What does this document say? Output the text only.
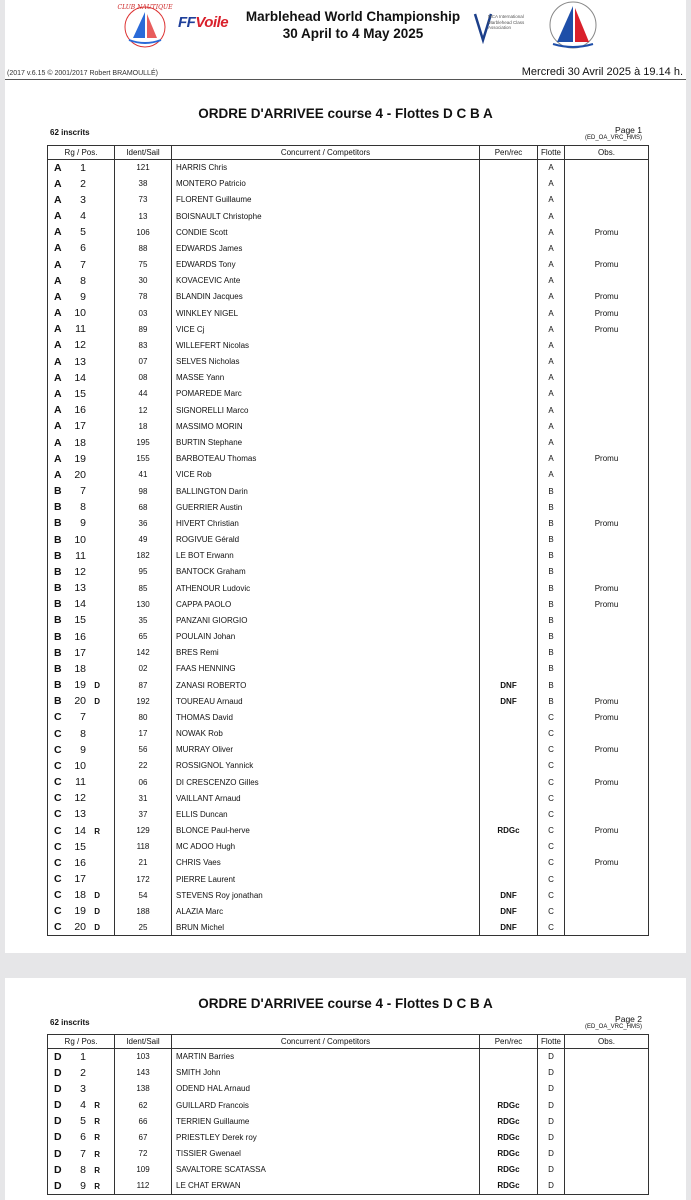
CLUB NAUTIQUE
FFVoile	Marblehead World Championship
30 April to 4 May 2025
MCA International Marblehead Class Association
(2017 v.6.15 © 2001/2017 Robert BRAMOULLÉ)	Mercredi 30 Avril 2025 à 19.14 h.
ORDRE D'ARRIVEE course 4 - Flottes D C B A
62 inscrits	Page 1
(ED_OA_VRC_HMS)
Rg / Pos.	Ident/Sail	Concurrent / Competitors	Pen/rec	Flotte	Obs.
A 1	121	HARRIS Chris		A	
A 2	38	MONTERO Patricio		A	
A 3	73	FLORENT Guillaume		A	
A 4	13	BOISNAULT Christophe		A	
A 5	106	CONDIE Scott		A	Promu
A 6	88	EDWARDS James		A	
A 7	75	EDWARDS Tony		A	Promu
A 8	30	KOVACEVIC Ante		A	
A 9	78	BLANDIN Jacques		A	Promu
A 10	03	WINKLEY NIGEL		A	Promu
A 11	89	VICE Cj		A	Promu
A 12	83	WILLEFERT Nicolas		A	
A 13	07	SELVES Nicholas		A	
A 14	08	MASSE Yann		A	
A 15	44	POMAREDE Marc		A	
A 16	12	SIGNORELLI Marco		A	
A 17	18	MASSIMO MORIN		A	
A 18	195	BURTIN Stephane		A	
A 19	155	BARBOTEAU Thomas		A	Promu
A 20	41	VICE Rob		A	
B 7	98	BALLINGTON Darin		B	
B 8	68	GUERRIER Austin		B	
B 9	36	HIVERT Christian		B	Promu
B 10	49	ROGIVUE Gérald		B	
B 11	182	LE BOT Erwann		B	
B 12	95	BANTOCK Graham		B	
B 13	85	ATHENOUR Ludovic		B	Promu
B 14	130	CAPPA PAOLO		B	Promu
B 15	35	PANZANI GIORGIO		B	
B 16	65	POULAIN Johan		B	
B 17	142	BRES Remi		B	
B 18	02	FAAS HENNING		B	
B 19 D	87	ZANASI ROBERTO	DNF	B	
B 20 D	192	TOUREAU Arnaud	DNF	B	Promu
C 7	80	THOMAS David		C	Promu
C 8	17	NOWAK Rob		C	
C 9	56	MURRAY Oliver		C	Promu
C 10	22	ROSSIGNOL Yannick		C	
C 11	06	DI CRESCENZO Gilles		C	Promu
C 12	31	VAILLANT Arnaud		C	
C 13	37	ELLIS Duncan		C	
C 14 R	129	BLONCE Paul-herve	RDGc	C	Promu
C 15	118	MC ADOO Hugh		C	
C 16	21	CHRIS Vaes		C	Promu
C 17	172	PIERRE Laurent		C	
C 18 D	54	STEVENS Roy jonathan	DNF	C	
C 19 D	188	ALAZIA Marc	DNF	C	
C 20 D	25	BRUN Michel	DNF	C	
ORDRE D'ARRIVEE course 4 - Flottes D C B A
62 inscrits	Page 2
(ED_OA_VRC_HMS)
Rg / Pos.	Ident/Sail	Concurrent / Competitors	Pen/rec	Flotte	Obs.
D 1	103	MARTIN Barries		D	
D 2	143	SMITH John		D	
D 3	138	ODEND HAL Arnaud		D	
D 4 R	62	GUILLARD Francois	RDGc	D	
D 5 R	66	TERRIEN Guillaume	RDGc	D	
D 6 R	67	PRIESTLEY Derek roy	RDGc	D	
D 7 R	72	TISSIER Gwenael	RDGc	D	
D 8 R	109	SAVALTORE SCATASSA	RDGc	D	
D 9 R	112	LE CHAT ERWAN	RDGc	D	
